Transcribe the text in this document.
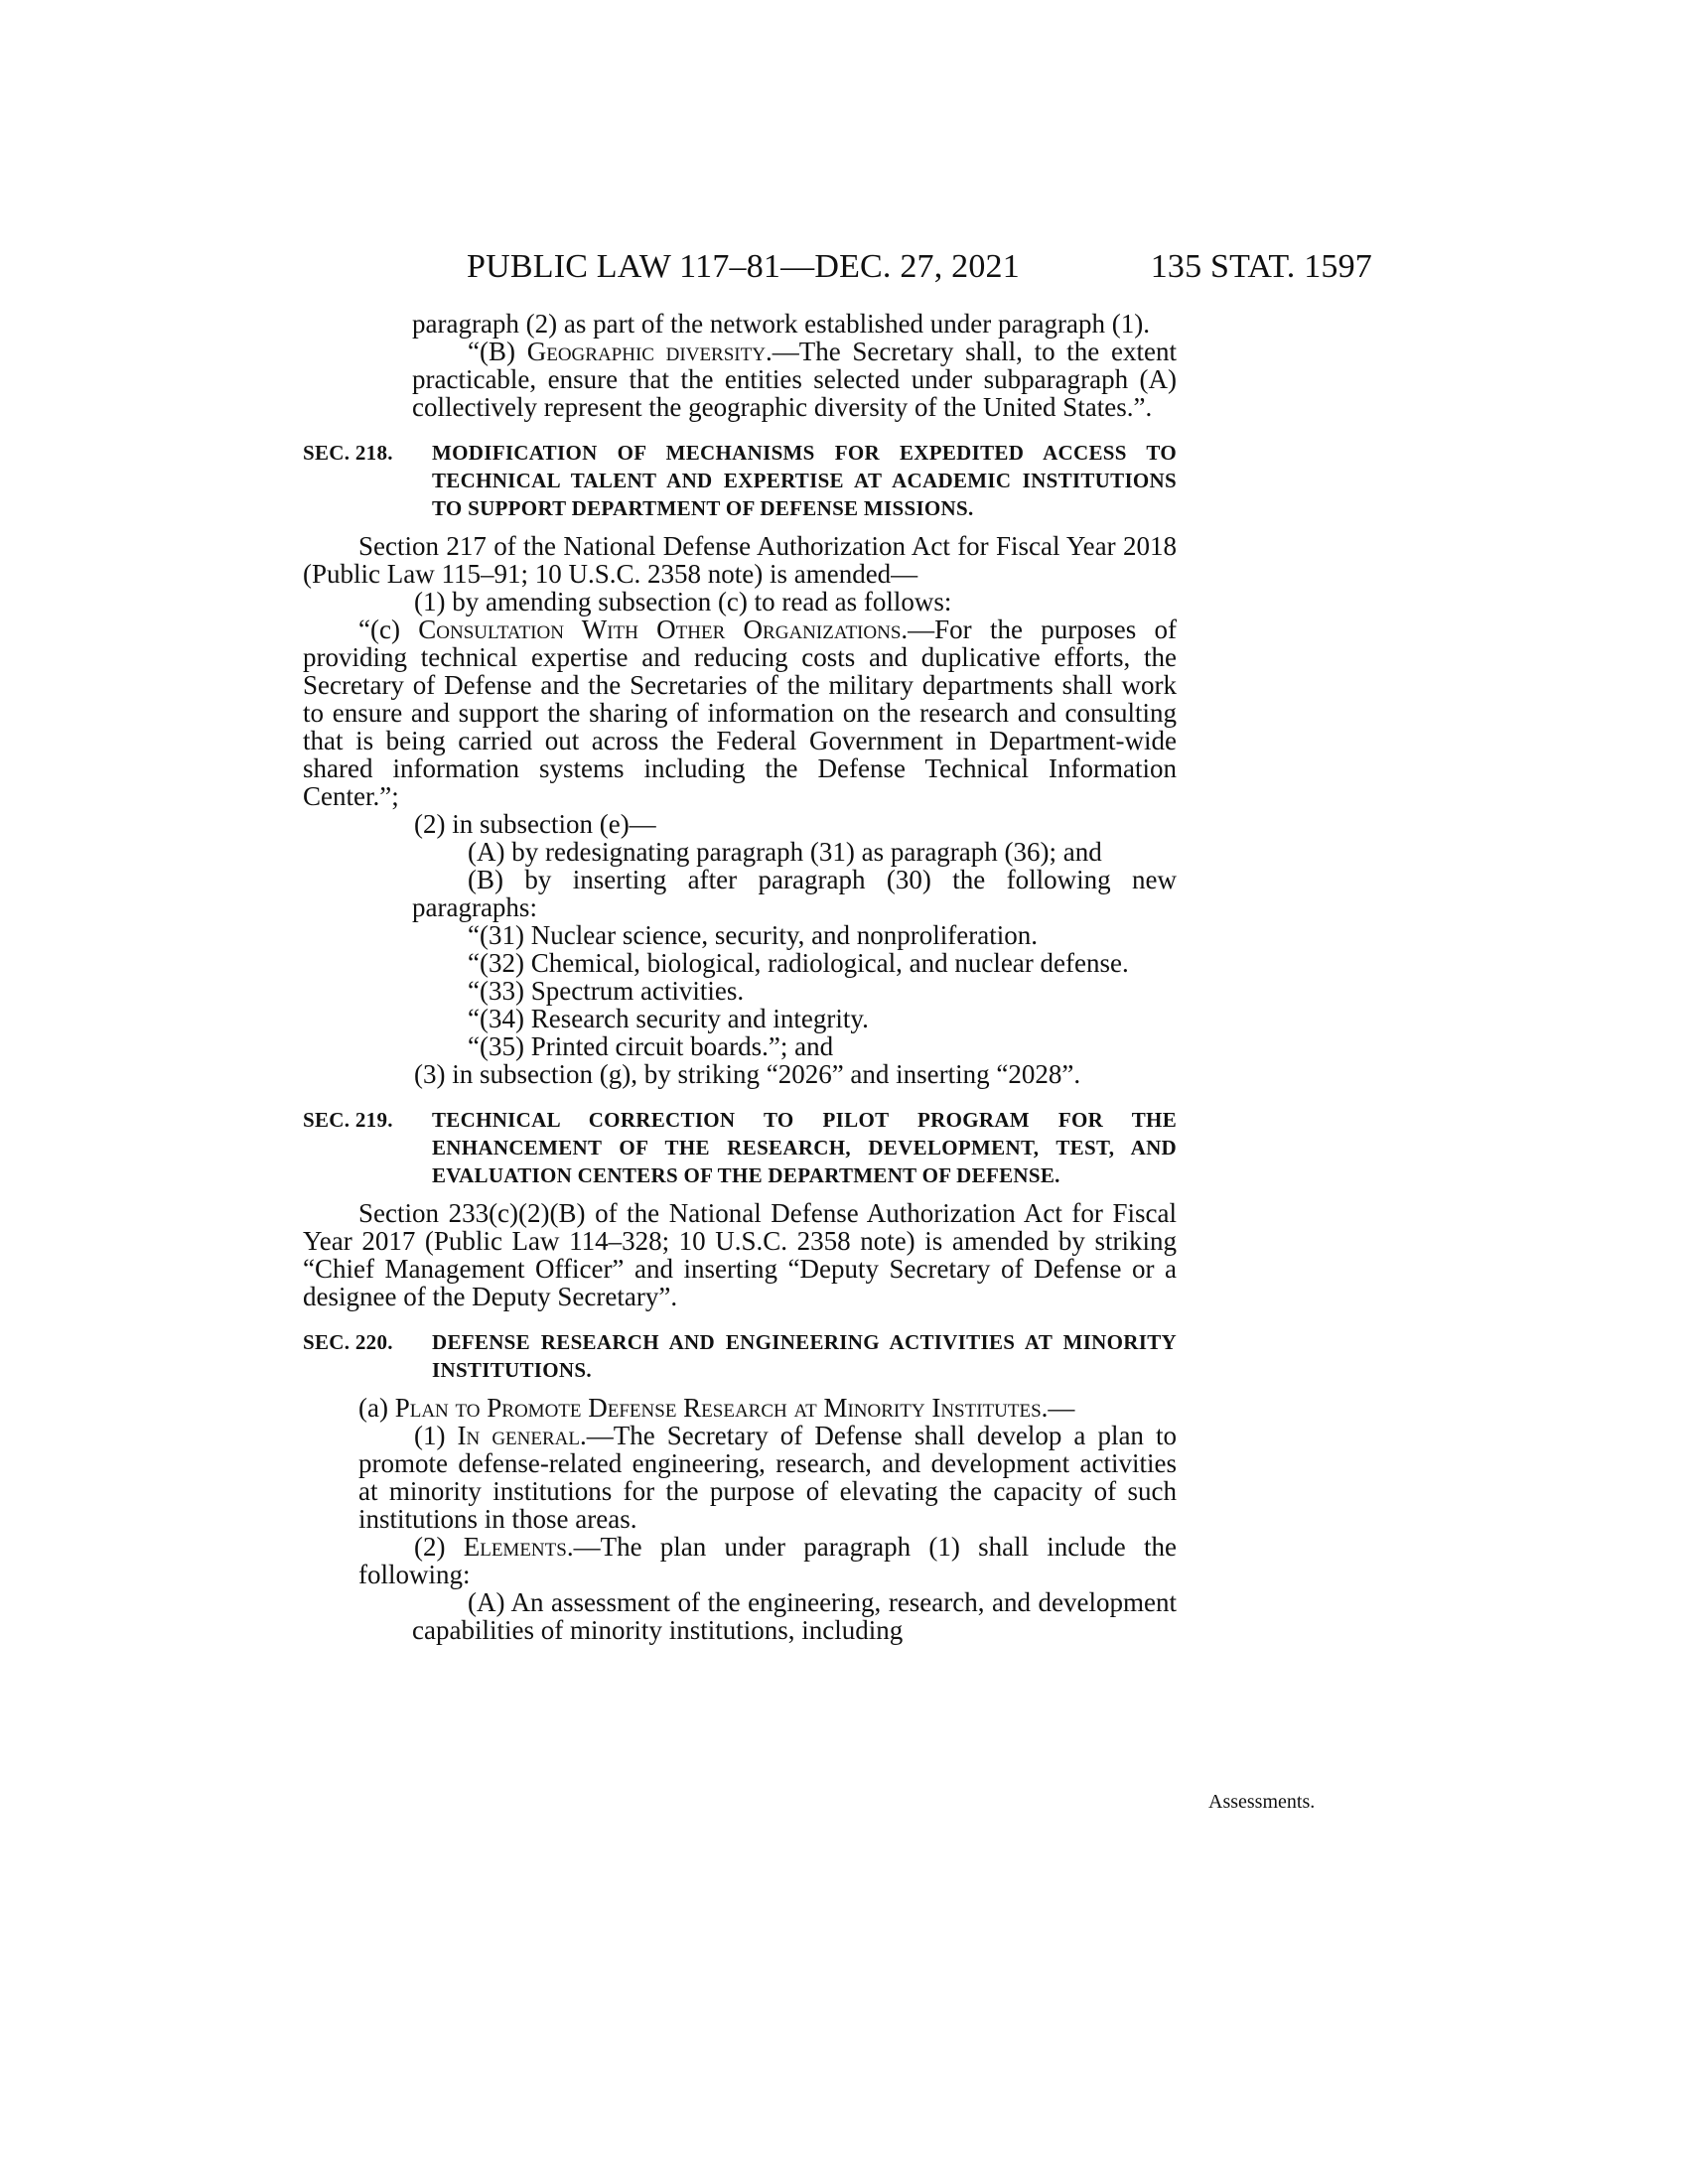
PUBLIC LAW 117–81—DEC. 27, 2021	135 STAT. 1597

paragraph (2) as part of the network established under paragraph (1).

“(B) Geographic diversity.—The Secretary shall, to the extent practicable, ensure that the entities selected under subparagraph (A) collectively represent the geographic diversity of the United States.”.

SEC. 218.	MODIFICATION OF MECHANISMS FOR EXPEDITED ACCESS TO TECHNICAL TALENT AND EXPERTISE AT ACADEMIC INSTITUTIONS TO SUPPORT DEPARTMENT OF DEFENSE MISSIONS.

Section 217 of the National Defense Authorization Act for Fiscal Year 2018 (Public Law 115–91; 10 U.S.C. 2358 note) is amended—

(1) by amending subsection (c) to read as follows:

“(c) Consultation With Other Organizations.—For the purposes of providing technical expertise and reducing costs and duplicative efforts, the Secretary of Defense and the Secretaries of the military departments shall work to ensure and support the sharing of information on the research and consulting that is being carried out across the Federal Government in Department-wide shared information systems including the Defense Technical Information Center.”;

(2) in subsection (e)—

(A) by redesignating paragraph (31) as paragraph (36); and

(B) by inserting after paragraph (30) the following new paragraphs:

“(31) Nuclear science, security, and nonproliferation.

“(32) Chemical, biological, radiological, and nuclear defense.

“(33) Spectrum activities.

“(34) Research security and integrity.

“(35) Printed circuit boards.”; and

(3) in subsection (g), by striking “2026” and inserting “2028”.

SEC. 219.	TECHNICAL CORRECTION TO PILOT PROGRAM FOR THE ENHANCEMENT OF THE RESEARCH, DEVELOPMENT, TEST, AND EVALUATION CENTERS OF THE DEPARTMENT OF DEFENSE.

Section 233(c)(2)(B) of the National Defense Authorization Act for Fiscal Year 2017 (Public Law 114–328; 10 U.S.C. 2358 note) is amended by striking “Chief Management Officer” and inserting “Deputy Secretary of Defense or a designee of the Deputy Secretary”.

SEC. 220.	DEFENSE RESEARCH AND ENGINEERING ACTIVITIES AT MINORITY INSTITUTIONS.

(a) Plan to Promote Defense Research at Minority Institutes.—

(1) In general.—The Secretary of Defense shall develop a plan to promote defense-related engineering, research, and development activities at minority institutions for the purpose of elevating the capacity of such institutions in those areas.

(2) Elements.—The plan under paragraph (1) shall include the following:

(A) An assessment of the engineering, research, and development capabilities of minority institutions, including

Assessments.
